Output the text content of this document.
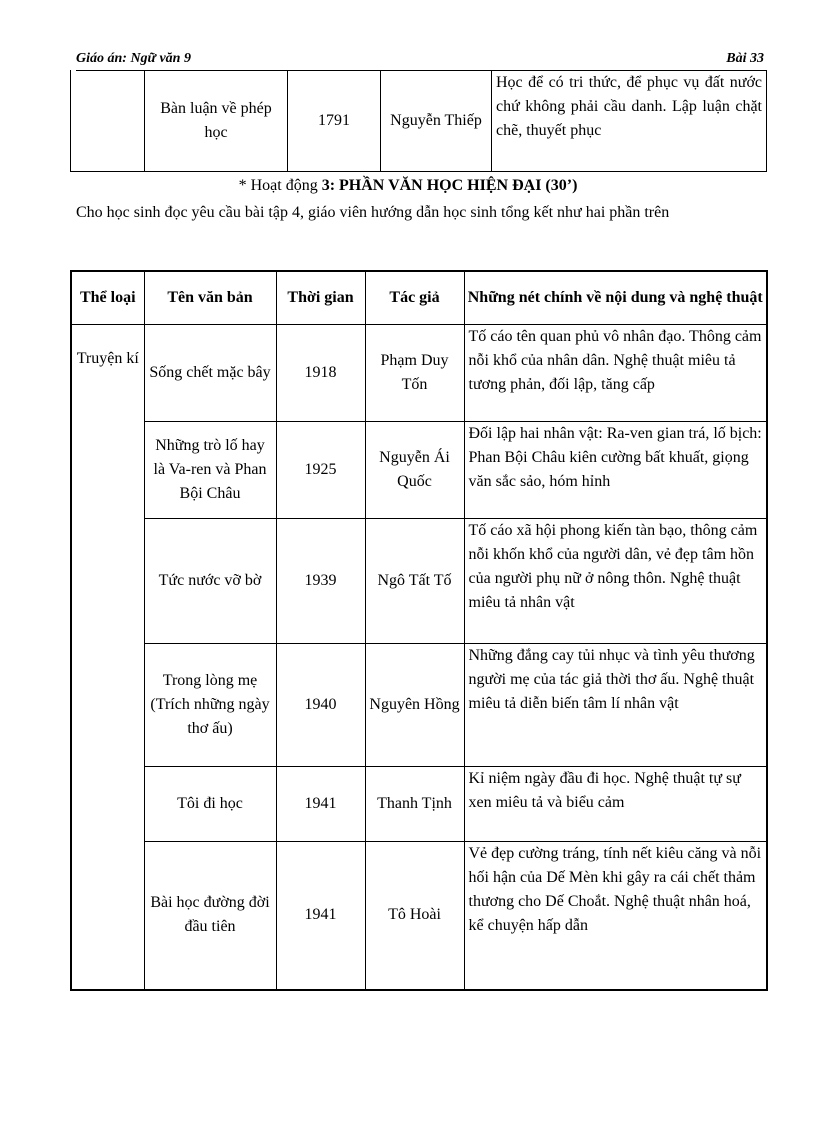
Giáo án: Ngữ văn 9	Bài 33
	Bàn luận về phép học	1791	Nguyễn Thiếp	Học để có tri thức, để phục vụ đất nước chứ không phải cầu danh. Lập luận chặt chẽ, thuyết phục
* Hoạt động 3: PHẦN VĂN HỌC HIỆN ĐẠI (30’)
Cho học sinh đọc yêu cầu bài tập 4, giáo viên hướng dẫn học sinh tổng kết như hai phần trên
Thể loại	Tên văn bản	Thời gian	Tác giả	Những nét chính về nội dung và nghệ thuật
Truyện kí	Sống chết mặc bây	1918	Phạm Duy Tốn	Tố cáo tên quan phủ vô nhân đạo. Thông cảm nỗi khổ của nhân dân. Nghệ thuật miêu tả tương phản, đối lập, tăng cấp
	Những trò lố hay là Va-ren và Phan Bội Châu	1925	Nguyễn Ái Quốc	Đối lập hai nhân vật: Ra-ven gian trá, lố bịch: Phan Bội Châu kiên cường bất khuất, giọng văn sắc sảo, hóm hỉnh
	Tức nước vỡ bờ	1939	Ngô Tất Tố	Tố cáo xã hội phong kiến tàn bạo, thông cảm nỗi khốn khổ của người dân, vẻ đẹp tâm hồn của người phụ nữ ở nông thôn. Nghệ thuật miêu tả nhân vật
	Trong lòng mẹ (Trích những ngày thơ ấu)	1940	Nguyên Hồng	Những đắng cay tủi nhục và tình yêu thương người mẹ của tác giả thời thơ ấu. Nghệ thuật miêu tả diễn biến tâm lí nhân vật
	Tôi đi học	1941	Thanh Tịnh	Kỉ niệm ngày đầu đi học. Nghệ thuật tự sự xen miêu tả và biểu cảm
	Bài học đường đời đầu tiên	1941	Tô Hoài	Vẻ đẹp cường tráng, tính nết kiêu căng và nỗi hối hận của Dế Mèn khi gây ra cái chết thảm thương cho Dế Choắt. Nghệ thuật nhân hoá, kể chuyện hấp dẫn
